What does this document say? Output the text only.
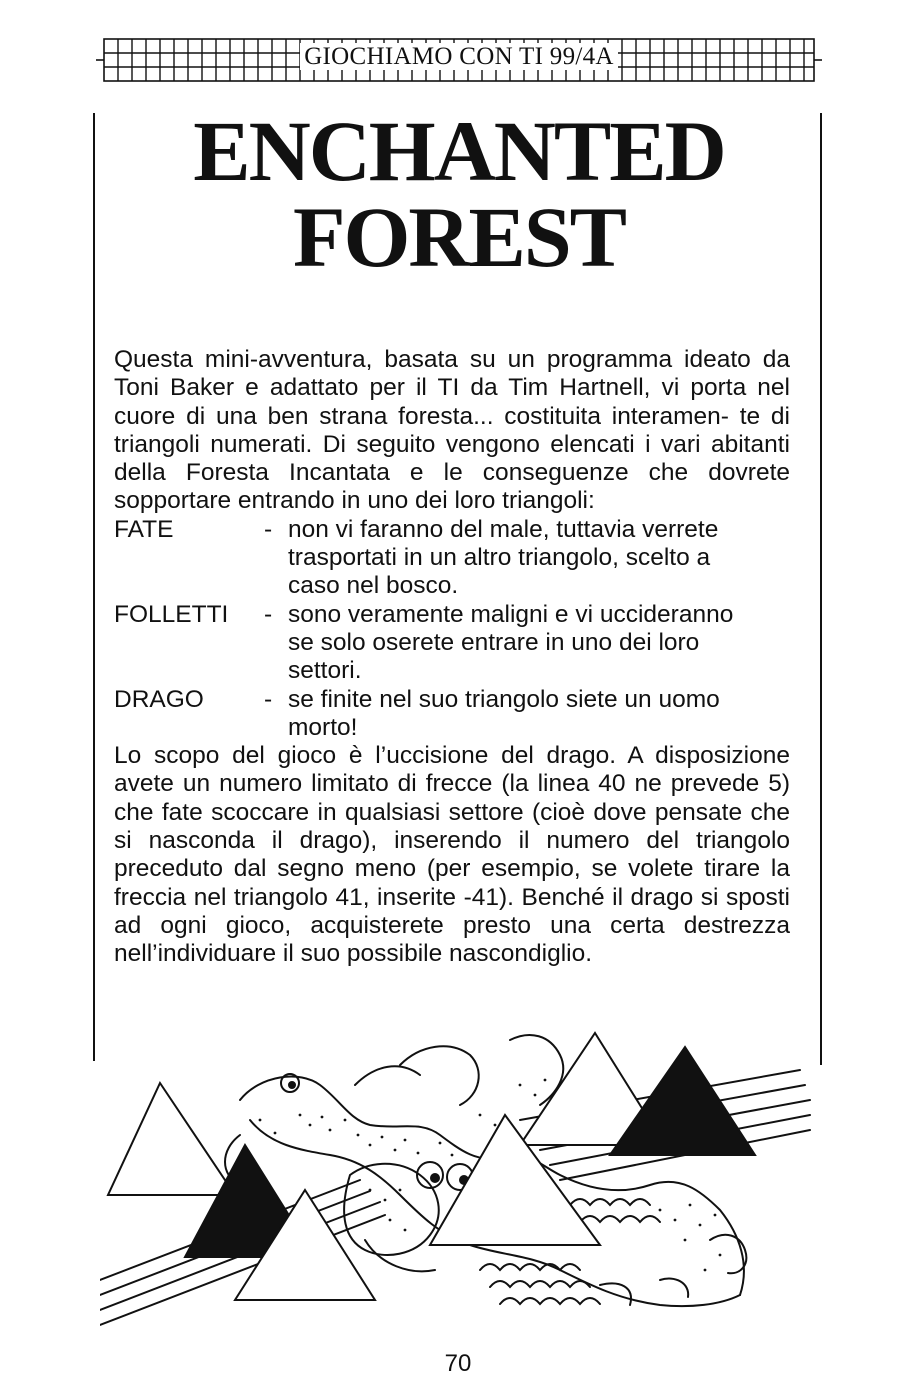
GIOCHIAMO CON TI 99/4A
ENCHANTED
FOREST

Questa mini-avventura, basata su un programma ideato da Toni Baker e adattato per il TI da Tim Hartnell, vi porta nel cuore di una ben strana foresta... costituita interamen- te di triangoli numerati. Di seguito vengono elencati i vari abitanti della Foresta Incantata e le conseguenze che dovrete sopportare entrando in uno dei loro triangoli:

FATE	- non vi faranno del male, tuttavia verrete
trasportati in un altro triangolo, scelto a
caso nel bosco.
FOLLETTI	- sono veramente maligni e vi uccideranno
se solo oserete entrare in uno dei loro
settori.
DRAGO	- se finite nel suo triangolo siete un uomo
morto!

Lo scopo del gioco è l’uccisione del drago. A disposizione avete un numero limitato di frecce (la linea 40 ne prevede 5) che fate scoccare in qualsiasi settore (cioè dove pensate che si nasconda il drago), inserendo il numero del triangolo preceduto dal segno meno (per esempio, se volete tirare la freccia nel triangolo 41, inserite -41). Benché il drago si sposti ad ogni gioco, acquisterete presto una certa destrezza nell’individuare il suo possibile nascondiglio.

70
